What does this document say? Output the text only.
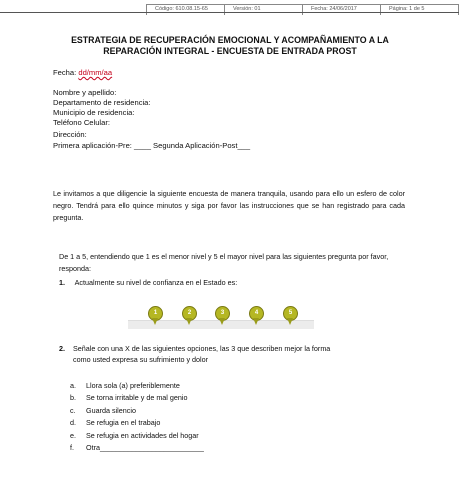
Código: 610.08.15-65	Versión: 01	Fecha: 24/06/2017	Página: 1 de 5
ESTRATEGIA DE RECUPERACIÓN EMOCIONAL Y ACOMPAÑAMIENTO A LA
REPARACIÓN INTEGRAL - ENCUESTA DE ENTRADA PROST
Fecha: dd/mm/aa
Nombre y apellido:
Departamento de residencia:
Municipio de residencia:
Teléfono Celular:
Dirección:
Primera aplicación-Pre: ____ Segunda Aplicación-Post___
Le invitamos a que diligencie la siguiente encuesta de manera tranquila, usando para ello un esfero de color negro. Tendrá para ello quince minutos y siga por favor las instrucciones que se han registrado para cada pregunta.
De 1 a 5, entendiendo que 1 es el menor nivel y 5 el mayor nivel para las siguientes pregunta por favor, responda:
1. Actualmente su nivel de confianza en el Estado es:
1	2	3	4	5
2. Señale con una X de las siguientes opciones, las 3 que describen mejor la forma
como usted expresa su sufrimiento y dolor
a. Llora sola (a) preferiblemente
b. Se torna irritable y de mal genio
c. Guarda silencio
d. Se refugia en el trabajo
e. Se refugia en actividades del hogar
f. Otra__________________________
